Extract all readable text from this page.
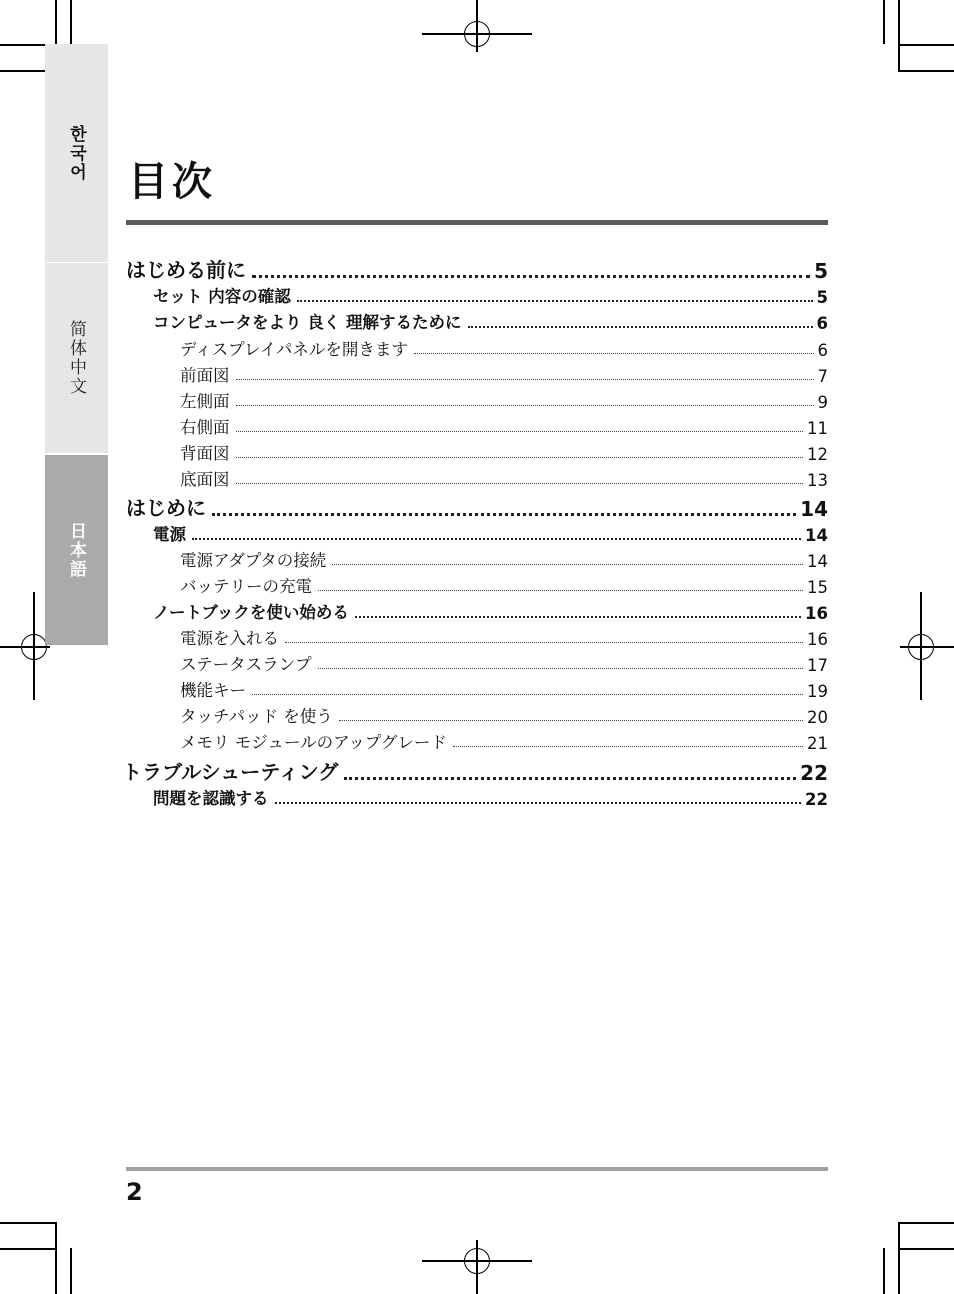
한국어
简体中文
日本語
目次
はじめる前に	5
セット 内容の確認	5
コンピュータをより 良く 理解するために	6
ディスプレイパネルを開きます	6
前面図	7
左側面	9
右側面	11
背面図	12
底面図	13
はじめに	14
電源	14
電源アダプタの接続	14
バッテリーの充電	15
ノートブックを使い始める	16
電源を入れる	16
ステータスランプ	17
機能キー	19
タッチパッド を使う	20
メモリ モジュールのアップグレード	21
トラブルシューティング	22
問題を認識する	22
2
